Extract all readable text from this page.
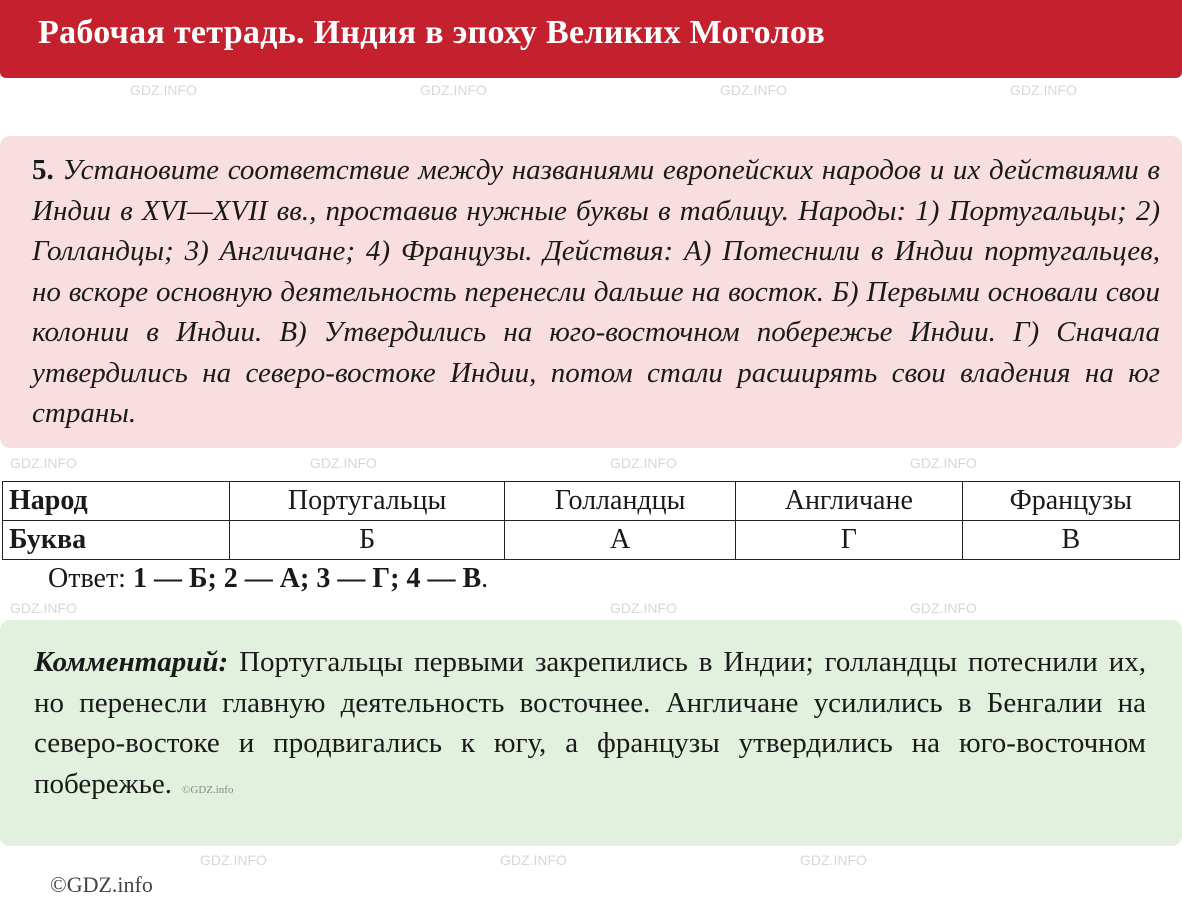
GDZ.INFO	GDZ.INFO	GDZ.INFO	GDZ.INFO
GDZ.INFO	GDZ.INFO	GDZ.INFO	GDZ.INFO
GDZ.INFO	GDZ.INFO	GDZ.INFO
GDZ.INFO	GDZ.INFO	GDZ.INFO
Рабочая тетрадь. Индия в эпоху Великих Моголов
5. Установите соответствие между названиями европейских народов и их действиями в Индии в XVI—XVII вв., проставив нужные буквы в таблицу. Народы: 1) Португальцы; 2) Голландцы; 3) Англичане; 4) Французы. Действия: А) Потеснили в Индии португальцев, но вскоре основную деятельность перенесли дальше на восток. Б) Первыми основали свои колонии в Индии. В) Утвердились на юго-восточном побережье Индии. Г) Сначала утвердились на северо-востоке Индии, потом стали расширять свои владения на юг страны.
Народ	Португальцы	Голландцы	Англичане	Французы
Буква	Б	А	Г	В
Ответ: 1 — Б; 2 — А; 3 — Г; 4 — В.
Комментарий: Португальцы первыми закрепились в Индии; голландцы потеснили их, но перенесли главную деятельность восточнее. Англичане усилились в Бенгалии на северо-востоке и продвигались к югу, а французы утвердились на юго-восточном побережье. ©GDZ.info
©GDZ.info
